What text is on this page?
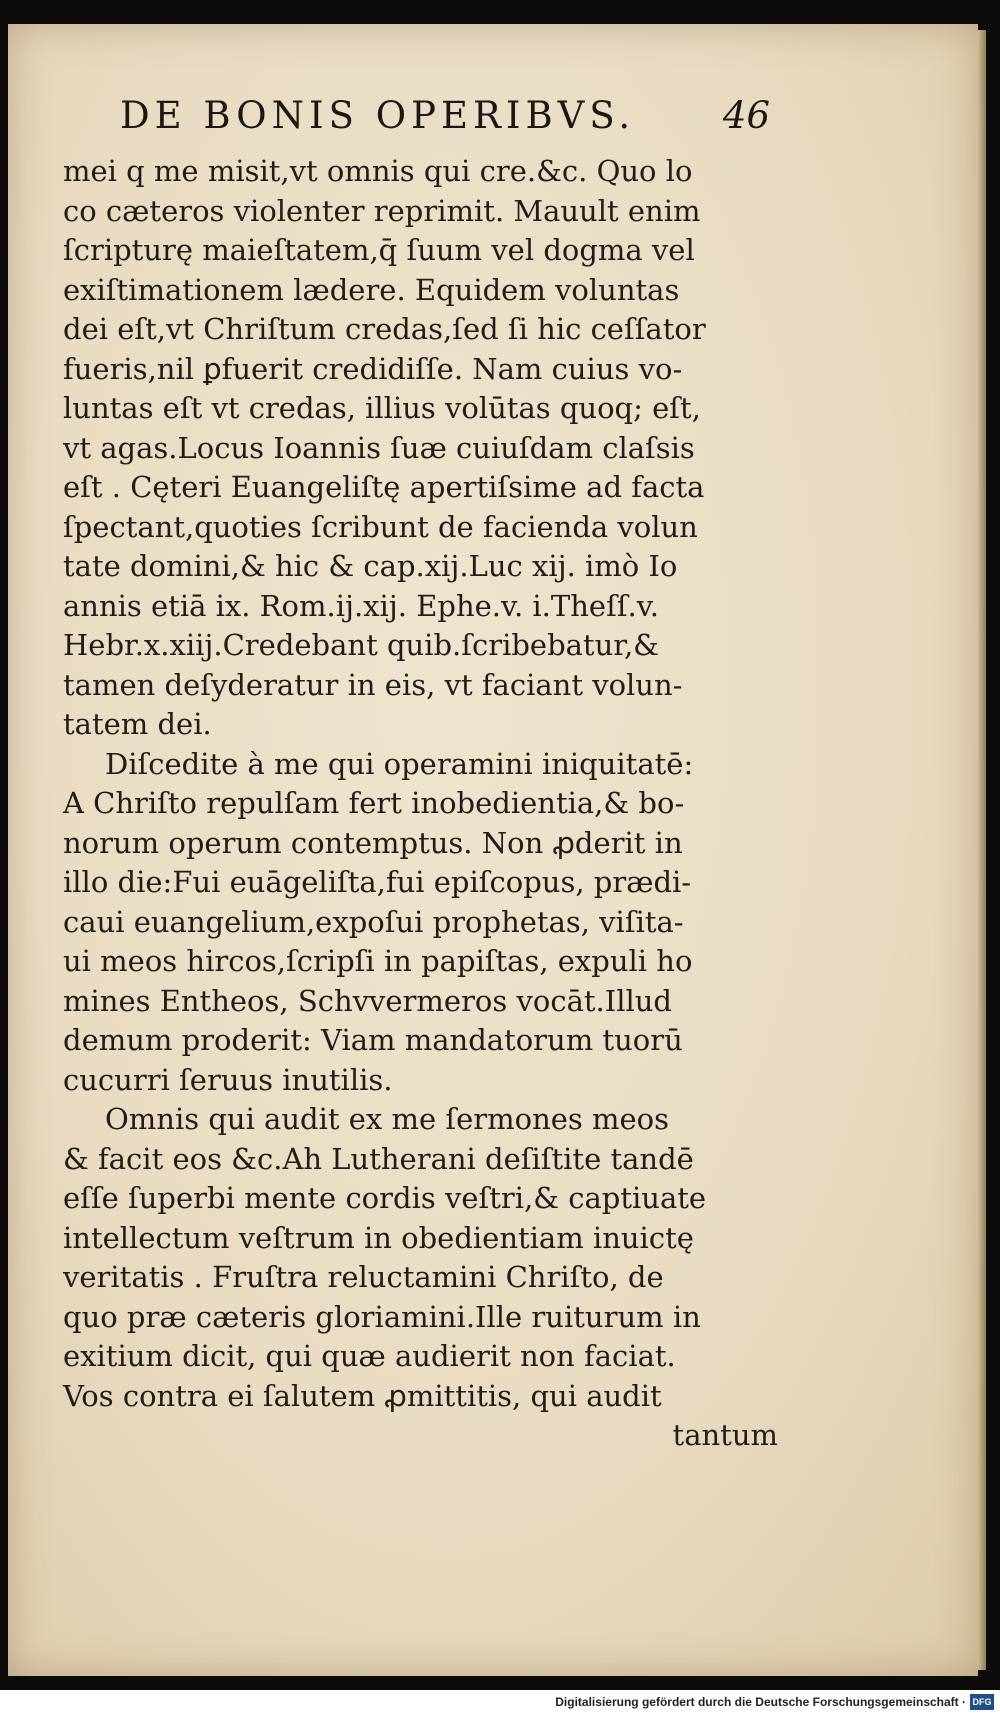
DE BONIS OPERIBVS. 46
mei q me misit,vt omnis qui cre.&c. Quo lo
co cæteros violenter reprimit. Mauult enim
ſcripturę maieſtatem,q̄ ſuum vel dogma vel
exiſtimationem lædere. Equidem voluntas
dei eſt,vt Chriſtum credas,ſed ſi hic ceſſator
fueris,nil ꝑfuerit credidiſſe. Nam cuius vo-
luntas eſt vt credas, illius volūtas quoq; eſt,
vt agas.Locus Ioannis ſuæ cuiuſdam claſsis
eſt . Cęteri Euangeliſtę apertiſsime ad facta
ſpectant,quoties ſcribunt de facienda volun
tate domini,& hic & cap.xij.Luc xij. imò Io
annis etiā ix. Rom.ij.xij. Ephe.v. i.Theſſ.v.
Hebr.x.xiij.Credebant quib.ſcribebatur,&
tamen deſyderatur in eis, vt faciant volun-
tatem dei.
Diſcedite à me qui operamini iniquitatē:
A Chriſto repulſam fert inobedientia,& bo-
norum operum contemptus. Non ꝓderit in
illo die:Fui euāgeliſta,fui epiſcopus, prædi-
caui euangelium,expoſui prophetas, viſita-
ui meos hircos,ſcripſi in papiſtas, expuli ho
mines Entheos, Schvvermeros vocāt.Illud
demum proderit: Viam mandatorum tuorū
cucurri ſeruus inutilis.
Omnis qui audit ex me ſermones meos
& facit eos &c.Ah Lutherani deſiſtite tandē
eſſe ſuperbi mente cordis veſtri,& captiuate
intellectum veſtrum in obedientiam inuictę
veritatis . Fruſtra reluctamini Chriſto, de
quo præ cæteris gloriamini.Ille ruiturum in
exitium dicit, qui quæ audierit non faciat.
Vos contra ei ſalutem ꝓmittitis, qui audit
tantum
Digitalisierung gefördert durch die Deutsche Forschungsgemeinschaft · DFG
